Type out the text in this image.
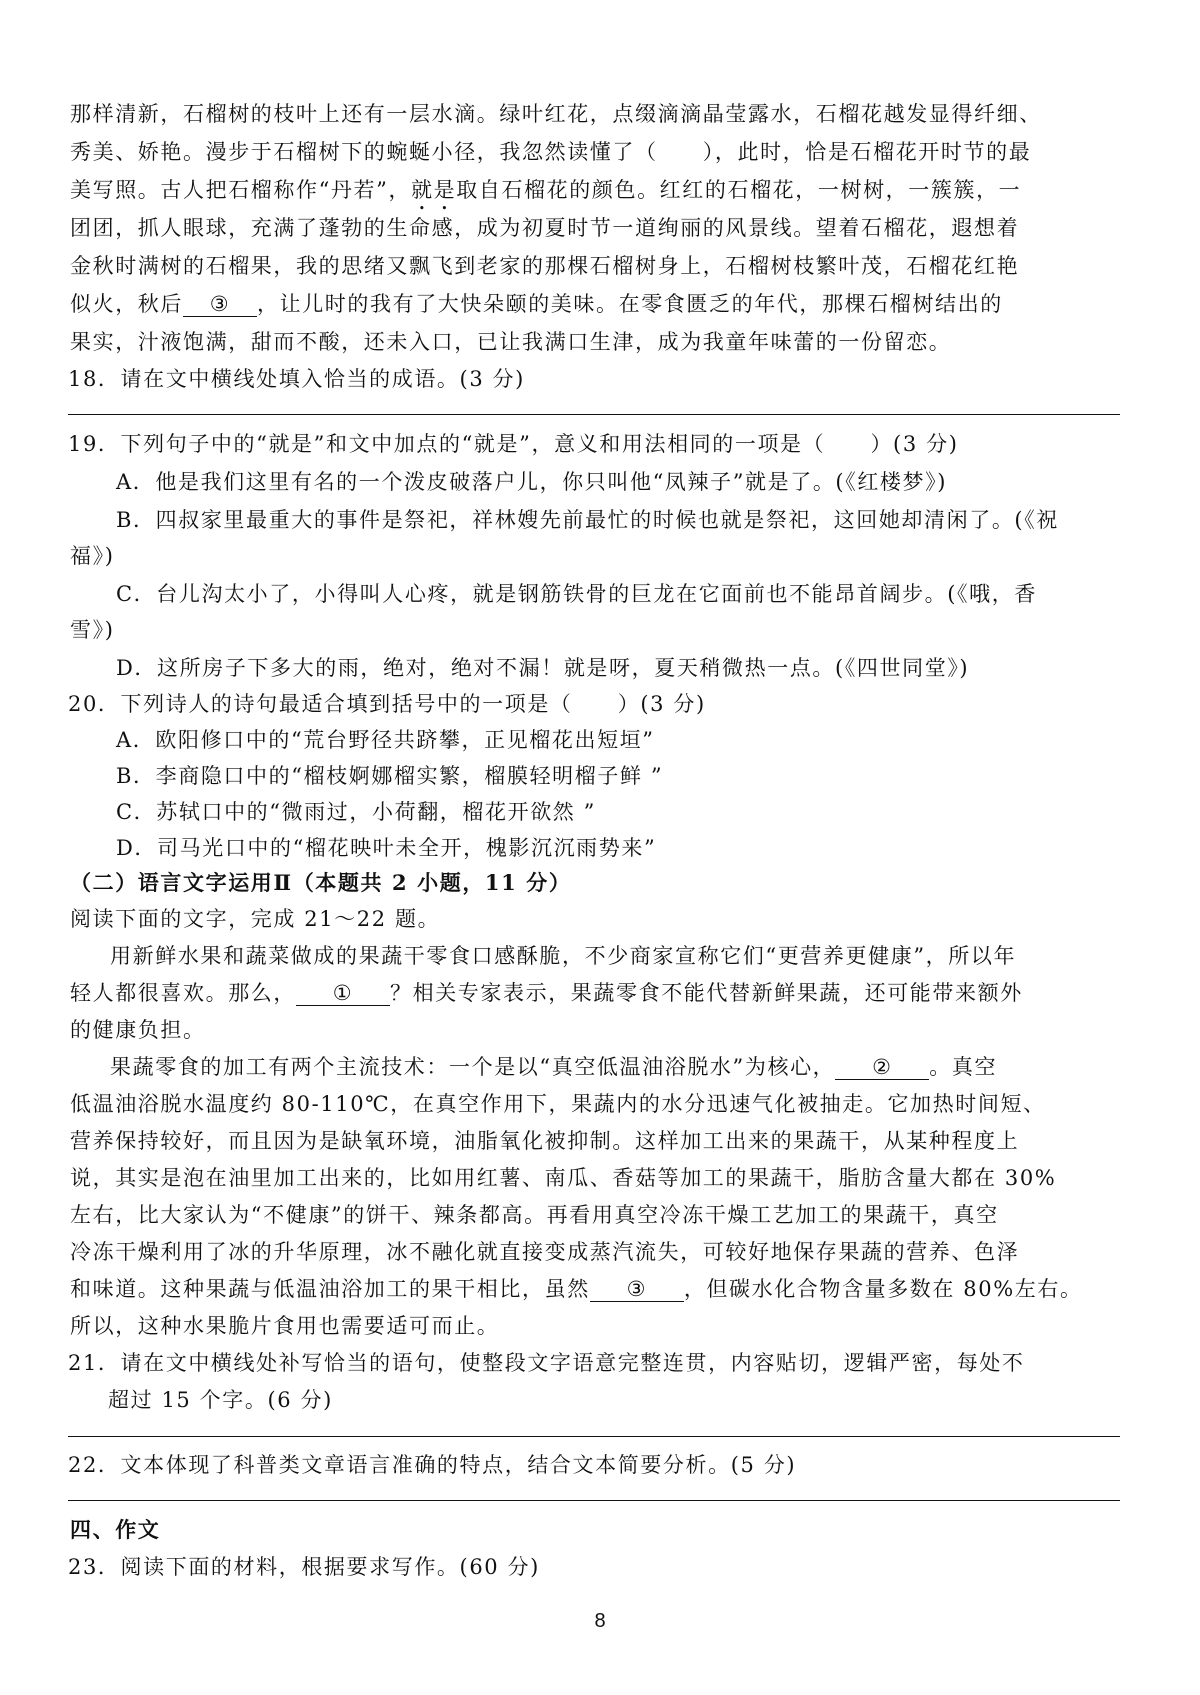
那样清新，石榴树的枝叶上还有一层水滴。绿叶红花，点缀滴滴晶莹露水，石榴花越发显得纤细、
秀美、娇艳。漫步于石榴树下的蜿蜒小径，我忽然读懂了（　　），此时，恰是石榴花开时节的最
美写照。古人把石榴称作“丹若”，就是取自石榴花的颜色。红红的石榴花，一树树，一簇簇，一
团团，抓人眼球，充满了蓬勃的生命感，成为初夏时节一道绚丽的风景线。望着石榴花，遐想着
金秋时满树的石榴果，我的思绪又飘飞到老家的那棵石榴树身上，石榴树枝繁叶茂，石榴花红艳
似火，秋后 ③ ，让儿时的我有了大快朵颐的美味。在零食匮乏的年代，那棵石榴树结出的
果实，汁液饱满，甜而不酸，还未入口，已让我满口生津，成为我童年味蕾的一份留恋。
18．请在文中横线处填入恰当的成语。(3 分)
19．下列句子中的“就是”和文中加点的“就是”，意义和用法相同的一项是（　　）(3 分)
A．他是我们这里有名的一个泼皮破落户儿，你只叫他“凤辣子”就是了。(《红楼梦》)
B．四叔家里最重大的事件是祭祀，祥林嫂先前最忙的时候也就是祭祀，这回她却清闲了。(《祝
福》)
C．台儿沟太小了，小得叫人心疼，就是钢筋铁骨的巨龙在它面前也不能昂首阔步。(《哦，香
雪》)
D．这所房子下多大的雨，绝对，绝对不漏！就是呀，夏天稍微热一点。(《四世同堂》)
20．下列诗人的诗句最适合填到括号中的一项是（　　）(3 分)
A．欧阳修口中的“荒台野径共跻攀，正见榴花出短垣”
B．李商隐口中的“榴枝婀娜榴实繁，榴膜轻明榴子鲜 ”
C．苏轼口中的“微雨过，小荷翻，榴花开欲然 ”
D．司马光口中的“榴花映叶未全开，槐影沉沉雨势来”
（二）语言文字运用Ⅱ（本题共 2 小题，11 分）
阅读下面的文字，完成 21～22 题。
用新鲜水果和蔬菜做成的果蔬干零食口感酥脆，不少商家宣称它们“更营养更健康”，所以年
轻人都很喜欢。那么， ① ？相关专家表示，果蔬零食不能代替新鲜果蔬，还可能带来额外
的健康负担。
果蔬零食的加工有两个主流技术：一个是以“真空低温油浴脱水”为核心， ② 。真空
低温油浴脱水温度约 80-110℃，在真空作用下，果蔬内的水分迅速气化被抽走。它加热时间短、
营养保持较好，而且因为是缺氧环境，油脂氧化被抑制。这样加工出来的果蔬干，从某种程度上
说，其实是泡在油里加工出来的，比如用红薯、南瓜、香菇等加工的果蔬干，脂肪含量大都在 30%
左右，比大家认为“不健康”的饼干、辣条都高。再看用真空冷冻干燥工艺加工的果蔬干，真空
冷冻干燥利用了冰的升华原理，冰不融化就直接变成蒸汽流失，可较好地保存果蔬的营养、色泽
和味道。这种果蔬与低温油浴加工的果干相比，虽然 ③ ，但碳水化合物含量多数在 80%左右。
所以，这种水果脆片食用也需要适可而止。
21．请在文中横线处补写恰当的语句，使整段文字语意完整连贯，内容贴切，逻辑严密，每处不
超过 15 个字。(6 分)
22．文本体现了科普类文章语言准确的特点，结合文本简要分析。(5 分)
四、作文
23．阅读下面的材料，根据要求写作。(60 分)
8
